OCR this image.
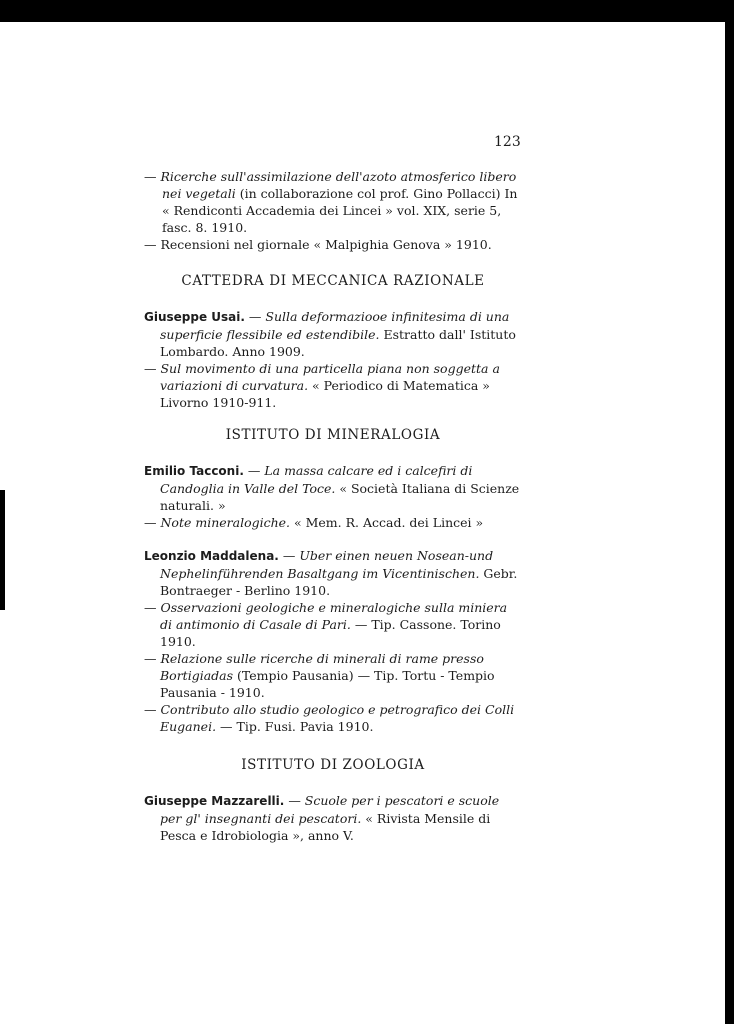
123
— Ricerche sull'assimilazione dell'azoto atmosferico libero nei vegetali (in collaborazione col prof. Gino Pollacci) In « Rendiconti Accademia dei Lincei » vol. XIX, serie 5, fasc. 8. 1910.
— Recensioni nel giornale « Malpighia Genova » 1910.
CATTEDRA DI MECCANICA RAZIONALE
Giuseppe Usai. — Sulla deformaziooe infinitesima di una superficie flessibile ed estendibile. Estratto dall' Istituto Lombardo. Anno 1909.
— Sul movimento di una particella piana non soggetta a variazioni di curvatura. « Periodico di Matematica » Livorno 1910-911.
ISTITUTO DI MINERALOGIA
Emilio Tacconi. — La massa calcare ed i calcefiri di Candoglia in Valle del Toce. « Società Italiana di Scienze naturali. »
— Note mineralogiche. « Mem. R. Accad. dei Lincei »
Leonzio Maddalena. — Uber einen neuen Nosean-und Nephelinführenden Basaltgang im Vicentinischen. Gebr. Bontraeger - Berlino 1910.
— Osservazioni geologiche e mineralogiche sulla miniera di antimonio di Casale di Pari. — Tip. Cassone. Torino 1910.
— Relazione sulle ricerche di minerali di rame presso Bortigiadas (Tempio Pausania) — Tip. Tortu - Tempio Pausania - 1910.
— Contributo allo studio geologico e petrografico dei Colli Euganei. — Tip. Fusi. Pavia 1910.
ISTITUTO DI ZOOLOGIA
Giuseppe Mazzarelli. — Scuole per i pescatori e scuole per gl' insegnanti dei pescatori. « Rivista Mensile di Pesca e Idrobiologia », anno V.
